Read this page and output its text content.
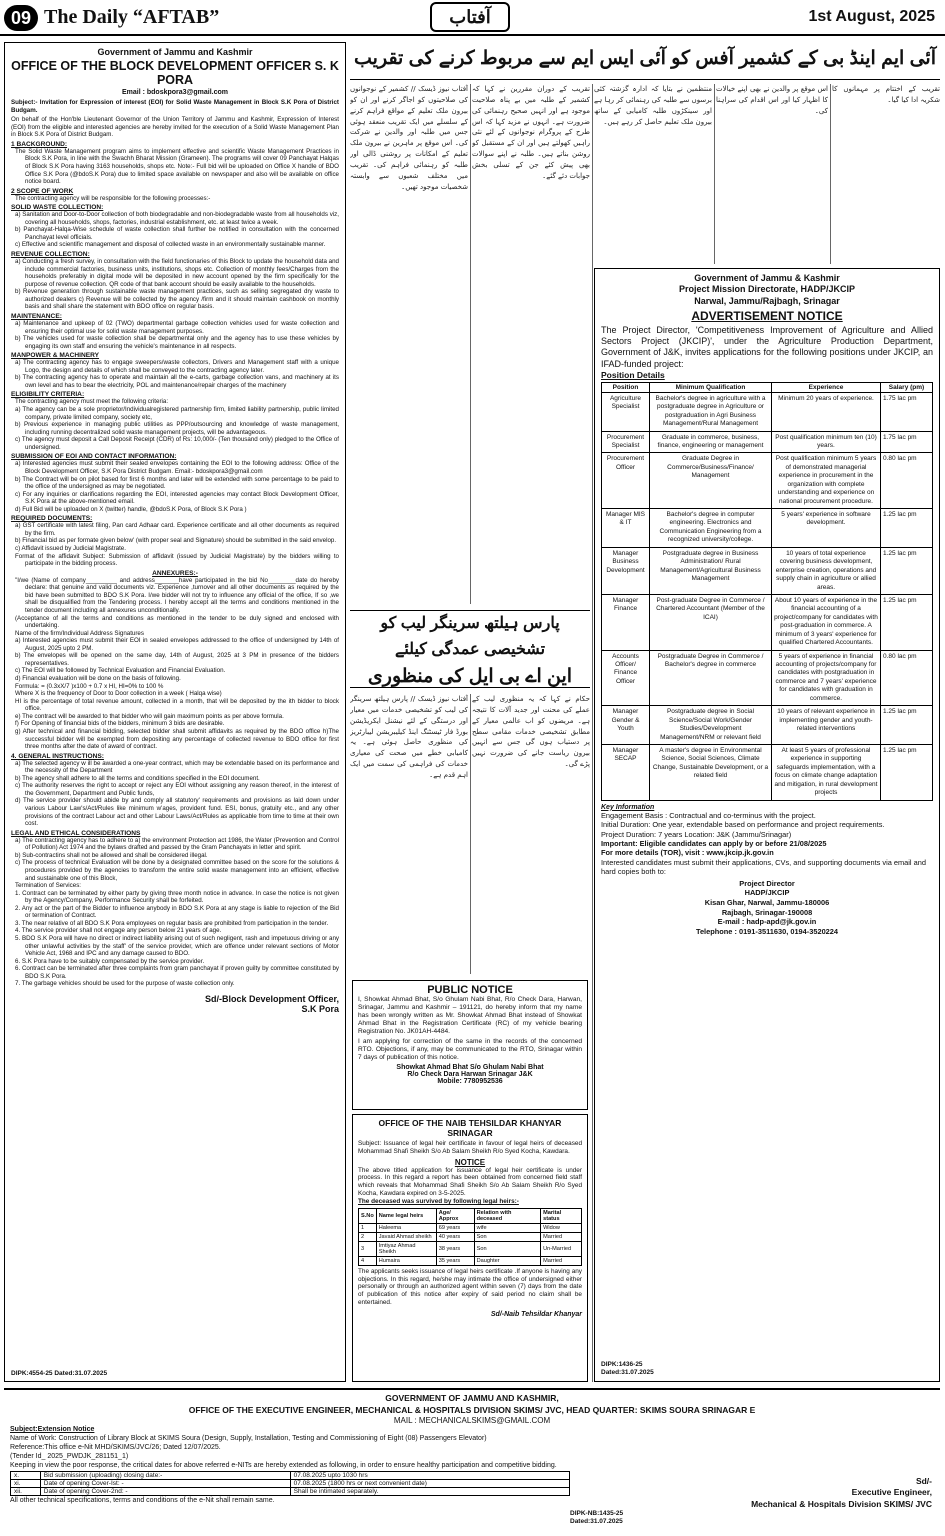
09 The Daily “AFTAB”	آفتاب	1st August, 2025
Government of Jammu and Kashmir
OFFICE OF THE BLOCK DEVELOPMENT OFFICER S. K PORA
Email : bdoskpora3@gmail.com
Subject:- Invitation for Expression of interest (EOI) for Solid Waste Management in Block S.K Pora of District Budgam.
On behalf of the Hon'ble Lieutenant Governor of the Union Territory of Jammu and Kashmir, Expression of Interest (EOI) from the eligible and interested agencies are hereby invited for the execution of a Solid Waste Management Plan in Block S.K Pora of District Budgam.
1 BACKGROUND:
The Solid Waste Management program aims to implement effective and scientific Waste Management Practices in Block S.K Pora, in line with the Swachh Bharat Mission (Grameen). The programs will cover 09 Panchayat Halqas of Block S.K Pora having 3163 households, shops etc. Note:- Full bid will be uploaded on Office X handle of BDO Office S.K Pora (@bdoS.K Pora) due to limited space available on newspaper and also will be available on office notice board.
2 SCOPE OF WORK
The contracting agency will be responsible for the following processes:-
SOLID WASTE COLLECTION:
a) Sanitation and Door-to-Door collection of both biodegradable and non-biodegradable waste from all households viz, covering all households, shops, factories, industrial establishment, etc. at least twice a week.
b) Panchayat-Halqa-Wise schedule of waste collection shall further be notified in consultation with the concerned Panchayat level officials.
c) Effective and scientific management and disposal of collected waste in an environmentally sustainable manner.
REVENUE COLLECTION:
a) Conducting a fresh survey, in consultation with the field functionaries of this Block to update the household data and include commercial factories, business units, institutions, shops etc. Collection of monthly fees/Charges from the households preferably in digital mode will be deposited in new account opened by the firm specifically for the purpose of revenue collection. QR code of that bank account should be easily available to the households.
b) Revenue generation through sustainable waste management practices, such as selling segregated dry waste to authorized dealers c) Revenue will be collected by the agency /firm and it should maintain cashbook on monthly basis and shall share the statement with BDO office on regular basis.
MAINTENANCE:
a) Maintenance and upkeep of 02 (TWO) departmental garbage collection vehicles used for waste collection and ensuring their optimal use for solid waste management purposes.
b) The vehicles used for waste collection shall be departmental only and the agency has to use these vehicles by engaging its own staff and ensuring the vehicle's maintenance in all respects.
MANPOWER & MACHINERY
a) The contracting agency has to engage sweepers/waste collectors, Drivers and Management staff with a unique Logo, the design and details of which shall be conveyed to the contracting agency later.
b) The contracting agency has to operate and maintain all the e-carts, garbage collection vans, and machinery at its own level and has to bear the electricity, POL and maintenance/repair charges of the machinery
ELIGIBILITY CRITERIA:
The contracting agency must meet the following criteria:
a) The agency can be a sole proprietor/Individualregistered partnership firm, limited liability partnership, public limited company, private limited company, society etc,
b) Previous experience in managing public utilities as PPP/outsourcing and knowledge of waste management, including running decentralized solid waste management projects, will be advantageous.
c) The agency must deposit a Call Deposit Receipt (CDR) of Rs: 10,000/- (Ten thousand only) pledged to the Office of undersigned.
SUBMISSION OF EOI AND CONTACT INFORMATION:
a) Interested agencies must submit their sealed envelopes containing the EOI to the following address: Office of the Block Development Officer, S.K Pora District Budgam. Email:- bdoskpora3@gmail.com
b) The Contract will be on pilot based for first 6 months and later will be extended with some percentage to be paid to the office of the undersigned as may be negotiated.
c) For any inquiries or clarifications regarding the EOI, interested agencies may contact Block Development Officer, S.K Pora at the above-mentioned email.
d) Full Bid will be uploaded on X (twitter) handle, @bdoS.K Pora, of Block S.K Pora )
REQUIRED DOCUMENTS:
a) GST certificate with latest filing, Pan card Adhaar card. Experience certificate and all other documents as required by the firm.
b) Financial bid as per formate given below' (with proper seal and Signature) should be submitted in the said envelop.
c) Affidavit issued by Judicial Magistrate.
Format of the affidavit Subject: Submission of affidavit (issued by Judicial Magistrate) by the bidders willing to participate in the bidding process.
ANNEXURES:-
"I/we (Name of company_________ and address_______have participated in the bid No________date do hereby declare: that genuine and valid documents viz. Experience ,turnover and all other documents as required by the bid have been submitted to BDO S.K Pora. I/we bidder will not try to influence any official of the office, If so ,we shall be disqualified from the Tendering process. I hereby accept all the terms and conditions mentioned in the tender document including all annexures unconditionally.
(Acceptance of all the terms and conditions as mentioned in the tender to be duly signed and enclosed with undertaking.
Name of the firm/Individual Address Signatures
a) Interested agencies must submit their EOI in sealed envelopes addressed to the office of undersigned by 14th of August, 2025 upto 2 PM.
b) The envelopes will be opened on the same day, 14th of August, 2025 at 3 PM in presence of the bidders representatives.
c) The EOI will be followed by Technical Evaluation and Financial Evaluation.
d) Financial evaluation will be done on the basis of following.
Formula: = (0.3xX/7 )x100 + 0.7 x HI, HI=0% to 100 %
Where X is the frequency of Door to Door collection in a week ( Halqa wise)
HI is the percentage of total revenue amount, collected in a month, that will be deposited by the ith bidder to block office.
e) The contract will be awarded to that bidder who will gain maximum points as per above formula.
f) For Opening of financial bids of the bidders, minimum 3 bids are desirable.
g) After technical and financial bidding, selected bidder shall submit affidavits as required by the BDO office h)The successful bidder will be exempted from depositing any percentage of collected revenue to BDO office for first three months after the date of award of contract.
4. GENERAL INSTRUCTIONS:
a) The selected agency w ill be awarded a one-year contract, which may be extendable based on its performance and the necessity of the Department
b) The agency shall adhere to all the terms and conditions specified in the EOI document.
c) The authority reserves the right to accept or reject any EOI without assigning any reason thereof, in the interest of the Government, Department and Public funds,
d) The service provider should abide by and comply all statutory' requirements and provisions as laid down under various Labour Law's/Act/Rules like minimum w'ages, provident fund. ESI, bonus, gratuity etc., and any other provisions of the contract Labour act and other Labour Laws/Act/Rules as applicable from time to time at their own cost.
LEGAL AND ETHICAL CONSIDERATIONS
a) The contracting agency has to adhere to a) the environment Protection act 1986, the Water (Prevention and Control of Pollution) Act 1974 and the bylaws drafted and passed by the Gram Panchayats in letter and spirit.
b) Sub-contractins shall not be allowed and shall be considered illegal.
c) The process of technical Evaluation will be done by a designated committee based on the score for the solutions & procedures provided by the agencies to transform the entire solid waste management into an efficient, effective and sustainable one of this Block,
Termination of Services:
1. Contract can be terminated by either party by giving three month notice in advance. In case the notice is not given by the Agency/Company, Performance Security shall be forfeited.
2. Any act or the part of the Bidder to influence anybody in BDO S.K Pora at any stage is liable to rejection of the Bid or termination of Contract.
3. The near relative of all BDO S.K Pora employees on regular basis are prohibited from participation in the tender.
4. The service provider shall not engage any person below 21 years of age.
5. BDO S.K Pora will have no direct or indirect liability arising out of such negligent, rash and impetuous driving or any other unlawful activities by the staff' of the service provider, which are offence under relevant sections of Motor Vehicle Act, 1968 and IPC and any damage caused to BDO.
6. S.K Pora have to be suitably compensated by the service provider.
6. Contract can be terminated after three complaints from gram panchayat if proven guilty by committee constituted by BDO S.K Pora.
7. The garbage vehicles should be used for the purpose of waste collection only.
Sd/-Block Development Officer,
S.K Pora
DIPK:4554-25 Dated:31.07.2025
آئی ایم اینڈ بی کے کشمیر آفس کو آئی ایس ایم سے مربوط کرنے کی تقریب
آفتاب نیوز ڈیسک // کشمیر کے نوجوانوں کی صلاحیتوں کو اجاگر کرنے اور ان کو بیرون ملک تعلیم کے مواقع فراہم کرنے کے سلسلے میں ایک تقریب منعقد ہوئی جس میں طلبہ اور والدین نے شرکت کی۔ اس موقع پر ماہرین نے بیرون ملک تعلیم کے امکانات پر روشنی ڈالی اور طلبہ کو رہنمائی فراہم کی۔ تقریب میں مختلف شعبوں سے وابستہ شخصیات موجود تھیں۔
تقریب کے دوران مقررین نے کہا کہ کشمیر کے طلبہ میں بے پناہ صلاحیت موجود ہے اور انہیں صحیح رہنمائی کی ضرورت ہے۔ انہوں نے مزید کہا کہ اس طرح کے پروگرام نوجوانوں کے لئے نئی راہیں کھولتے ہیں اور ان کے مستقبل کو روشن بناتے ہیں۔ طلبہ نے اپنے سوالات بھی پیش کئے جن کے تسلی بخش جوابات دئے گئے۔
منتظمین نے بتایا کہ ادارہ گزشتہ کئی برسوں سے طلبہ کی رہنمائی کر رہا ہے اور سینکڑوں طلبہ کامیابی کے ساتھ بیرون ملک تعلیم حاصل کر رہے ہیں۔
اس موقع پر والدین نے بھی اپنے خیالات کا اظہار کیا اور اس اقدام کی سراہنا کی۔
تقریب کے اختتام پر مہمانوں کا شکریہ ادا کیا گیا۔
پارس ہیلتھ سرینگر لیب کو تشخیصی عمدگی کیلئے
این اے بی ایل کی منظوری
آفتاب نیوز ڈیسک // پارس ہیلتھ سرینگر کی لیب کو تشخیصی خدمات میں معیار اور درستگی کے لئے نیشنل ایکریڈیشن بورڈ فار ٹیسٹنگ اینڈ کیلیبریشن لیبارٹریز کی منظوری حاصل ہوئی ہے۔ یہ کامیابی خطے میں صحت کی معیاری خدمات کی فراہمی کی سمت میں ایک اہم قدم ہے۔
حکام نے کہا کہ یہ منظوری لیب کے عملے کی محنت اور جدید آلات کا نتیجہ ہے۔ مریضوں کو اب عالمی معیار کے مطابق تشخیصی خدمات مقامی سطح پر دستیاب ہوں گی جس سے انہیں بیرون ریاست جانے کی ضرورت نہیں پڑے گی۔
PUBLIC NOTICE
I, Showkat Ahmad Bhat, S/o Ghulam Nabi Bhat, R/o Check Dara, Harwan, Srinagar, Jammu and Kashmir – 191121, do hereby inform that my name has been wrongly written as Mr. Showkat Ahmad Bhat instead of Showkat Ahmad Bhat in the Registration Certificate (RC) of my vehicle bearing Registration No. JK01AH-4484.
I am applying for correction of the same in the records of the concerned RTO. Objections, if any, may be communicated to the RTO, Srinagar within 7 days of publication of this notice.
Showkat Ahmad Bhat S/o Ghulam Nabi Bhat
R/o Check Dara Harwan Srinagar J&K
Mobile: 7780952536
OFFICE OF THE NAIB TEHSILDAR KHANYAR SRINAGAR
Subject: Issuance of legal heir certificate in favour of legal heirs of deceased Mohammad Shafi Sheikh S/o Ab Salam Sheikh R/o Syed Kocha, Kawdara.
NOTICE
The above titled application for issuance of legal heir certificate is under process. In this regard a report has been obtained from concerned field staff which reveals that Mohammad Shafi Sheikh S/o Ab Salam Sheikh R/o Syed Kocha, Kawdara expired on 3-5-2025.
The deceased was survived by following legal heirs:-
S.No	Name legal heirs	Age/ Approx	Relation with deceased	Marital status
1	Haleema	69 years	wife	Widow
2	Javaid Ahmad sheikh	40 years	Son	Married
3	Imtiyaz Ahmad Sheikh	38 years	Son	Un-Married
4	Humaira	35 years	Daughter	Married
The applicants seeks issuance of legal heirs certificate .If anyone is having any objections. In this regard, he/she may intimate the office of undersigned either personally or through an authorized agent within seven (7) days from the date of publication of this notice after expiry of said period no claim shall be entertained.
Sd/-Naib Tehsildar Khanyar
Government of Jammu & Kashmir
Project Mission Directorate, HADP/JKCIP
Narwal, Jammu/Rajbagh, Srinagar
ADVERTISEMENT NOTICE
The Project Director, 'Competitiveness Improvement of Agriculture and Allied Sectors Project (JKCIP)', under the Agriculture Production Department, Government of J&K, invites applications for the following positions under JKCIP, an IFAD-funded project:
Position Details
Position	Minimum Qualification	Experience	Salary (pm)
Agriculture Specialist	Bachelor's degree in agriculture with a postgraduate degree in Agriculture or postgraduation in Agri Business Management/Rural Management	Minimum 20 years of experience.	1.75 lac pm
Procurement Specialist	Graduate in commerce, business, finance, engineering or management	Post qualification minimum ten (10) years.	1.75 lac pm
Procurement Officer	Graduate Degree in Commerce/Business/Finance/ Management	Post qualification minimum 5 years of demonstrated managerial experience in procurement in the organization with complete understanding and experience on national procurement procedure.	0.80 lac pm
Manager MIS & IT	Bachelor's degree in computer engineering. Electronics and Communication Engineering from a recognized university/college.	5 years' experience in software development.	1.25 lac pm
Manager Business Development	Postgraduate degree in Business Administration/ Rural Management/Agricultural Business Management	10 years of total experience covering business development, enterprise creation, operations and supply chain in agriculture or allied areas.	1.25 lac pm
Manager Finance	Post-graduate Degree in Commerce / Chartered Accountant (Member of the ICAI)	About 10 years of experience in the financial accounting of a project/company for candidates with post-graduation in commerce. A minimum of 3 years' experience for qualified Chartered Accountants.	1.25 lac pm
Accounts Officer/ Finance Officer	Postgraduate Degree in Commerce / Bachelor's degree in commerce	5 years of experience in financial accounting of projects/company for candidates with postgraduation in commerce and 7 years' experience for candidates with graduation in commerce.	0.80 lac pm
Manager Gender & Youth	Postgraduate degree in Social Science/Social Work/Gender Studies/Development Management/NRM or relevant field	10 years of relevant experience in implementing gender and youth-related interventions	1.25 lac pm
Manager SECAP	A master's degree in Environmental Science, Social Sciences, Climate Change, Sustainable Development, or a related field	At least 5 years of professional experience in supporting safeguards implementation, with a focus on climate change adaptation and mitigation, in rural development projects	1.25 lac pm
Key Information
Engagement Basis : Contractual and co-terminus with the project.
Initial Duration: One year, extendable based on performance and project requirements.
Project Duration: 7 years Location: J&K (Jammu/Srinagar)
Important: Eligible candidates can apply by or before 21/08/2025
For more details (TOR), visit : www.jkcip.jk.gov.in
Interested candidates must submit their applications, CVs, and supporting documents via email and hard copies both to:
Project Director
HADP/JKCIP
Kisan Ghar, Narwal, Jammu-180006
Rajbagh, Srinagar-190008
E-mail : hadp-apd@jk.gov.in
Telephone : 0191-3511630, 0194-3520224
DIPK:1436-25
Dated:31.07.2025
GOVERNMENT OF JAMMU AND KASHMIR,
OFFICE OF THE EXECUTIVE ENGINEER, MECHANICAL & HOSPITALS DIVISION SKIMS/ JVC, HEAD QUARTER: SKIMS SOURA SRINAGAR E
MAIL : MECHANICALSKIMS@GMAIL.COM
Subject:Extension Notice
Name of Work: Construction of Library Block at SKIMS Soura (Design, Supply, Installation, Testing and Commissioning of Eight (08) Passengers Elevator)
Reference:This office e-Nit MHD/SKIMS/JVC/26; Dated 12/07/2025.
(Tender Id_ 2025_PWDJK_281151_1)
Keeping in view the poor response, the critical dates for above referred e-NITs are hereby extended as following, in order to ensure healthy participation and competitive bidding.
x.	Bid submission (uploading) closing date:-	07.08.2025 upto 1030 hrs
xi.	Date of opening Cover-Ist: -	07.08.2025 (1800 hrs or next convenient date)
xii.	Date of opening Cover-2nd: -	Shall be intimated separately.
All other technical specifications, terms and conditions of the e-Nit shall remain same.
Sd/-
Executive Engineer,
Mechanical & Hospitals Division SKIMS/ JVC
DIPK-NB:1435-25
Dated:31.07.2025
